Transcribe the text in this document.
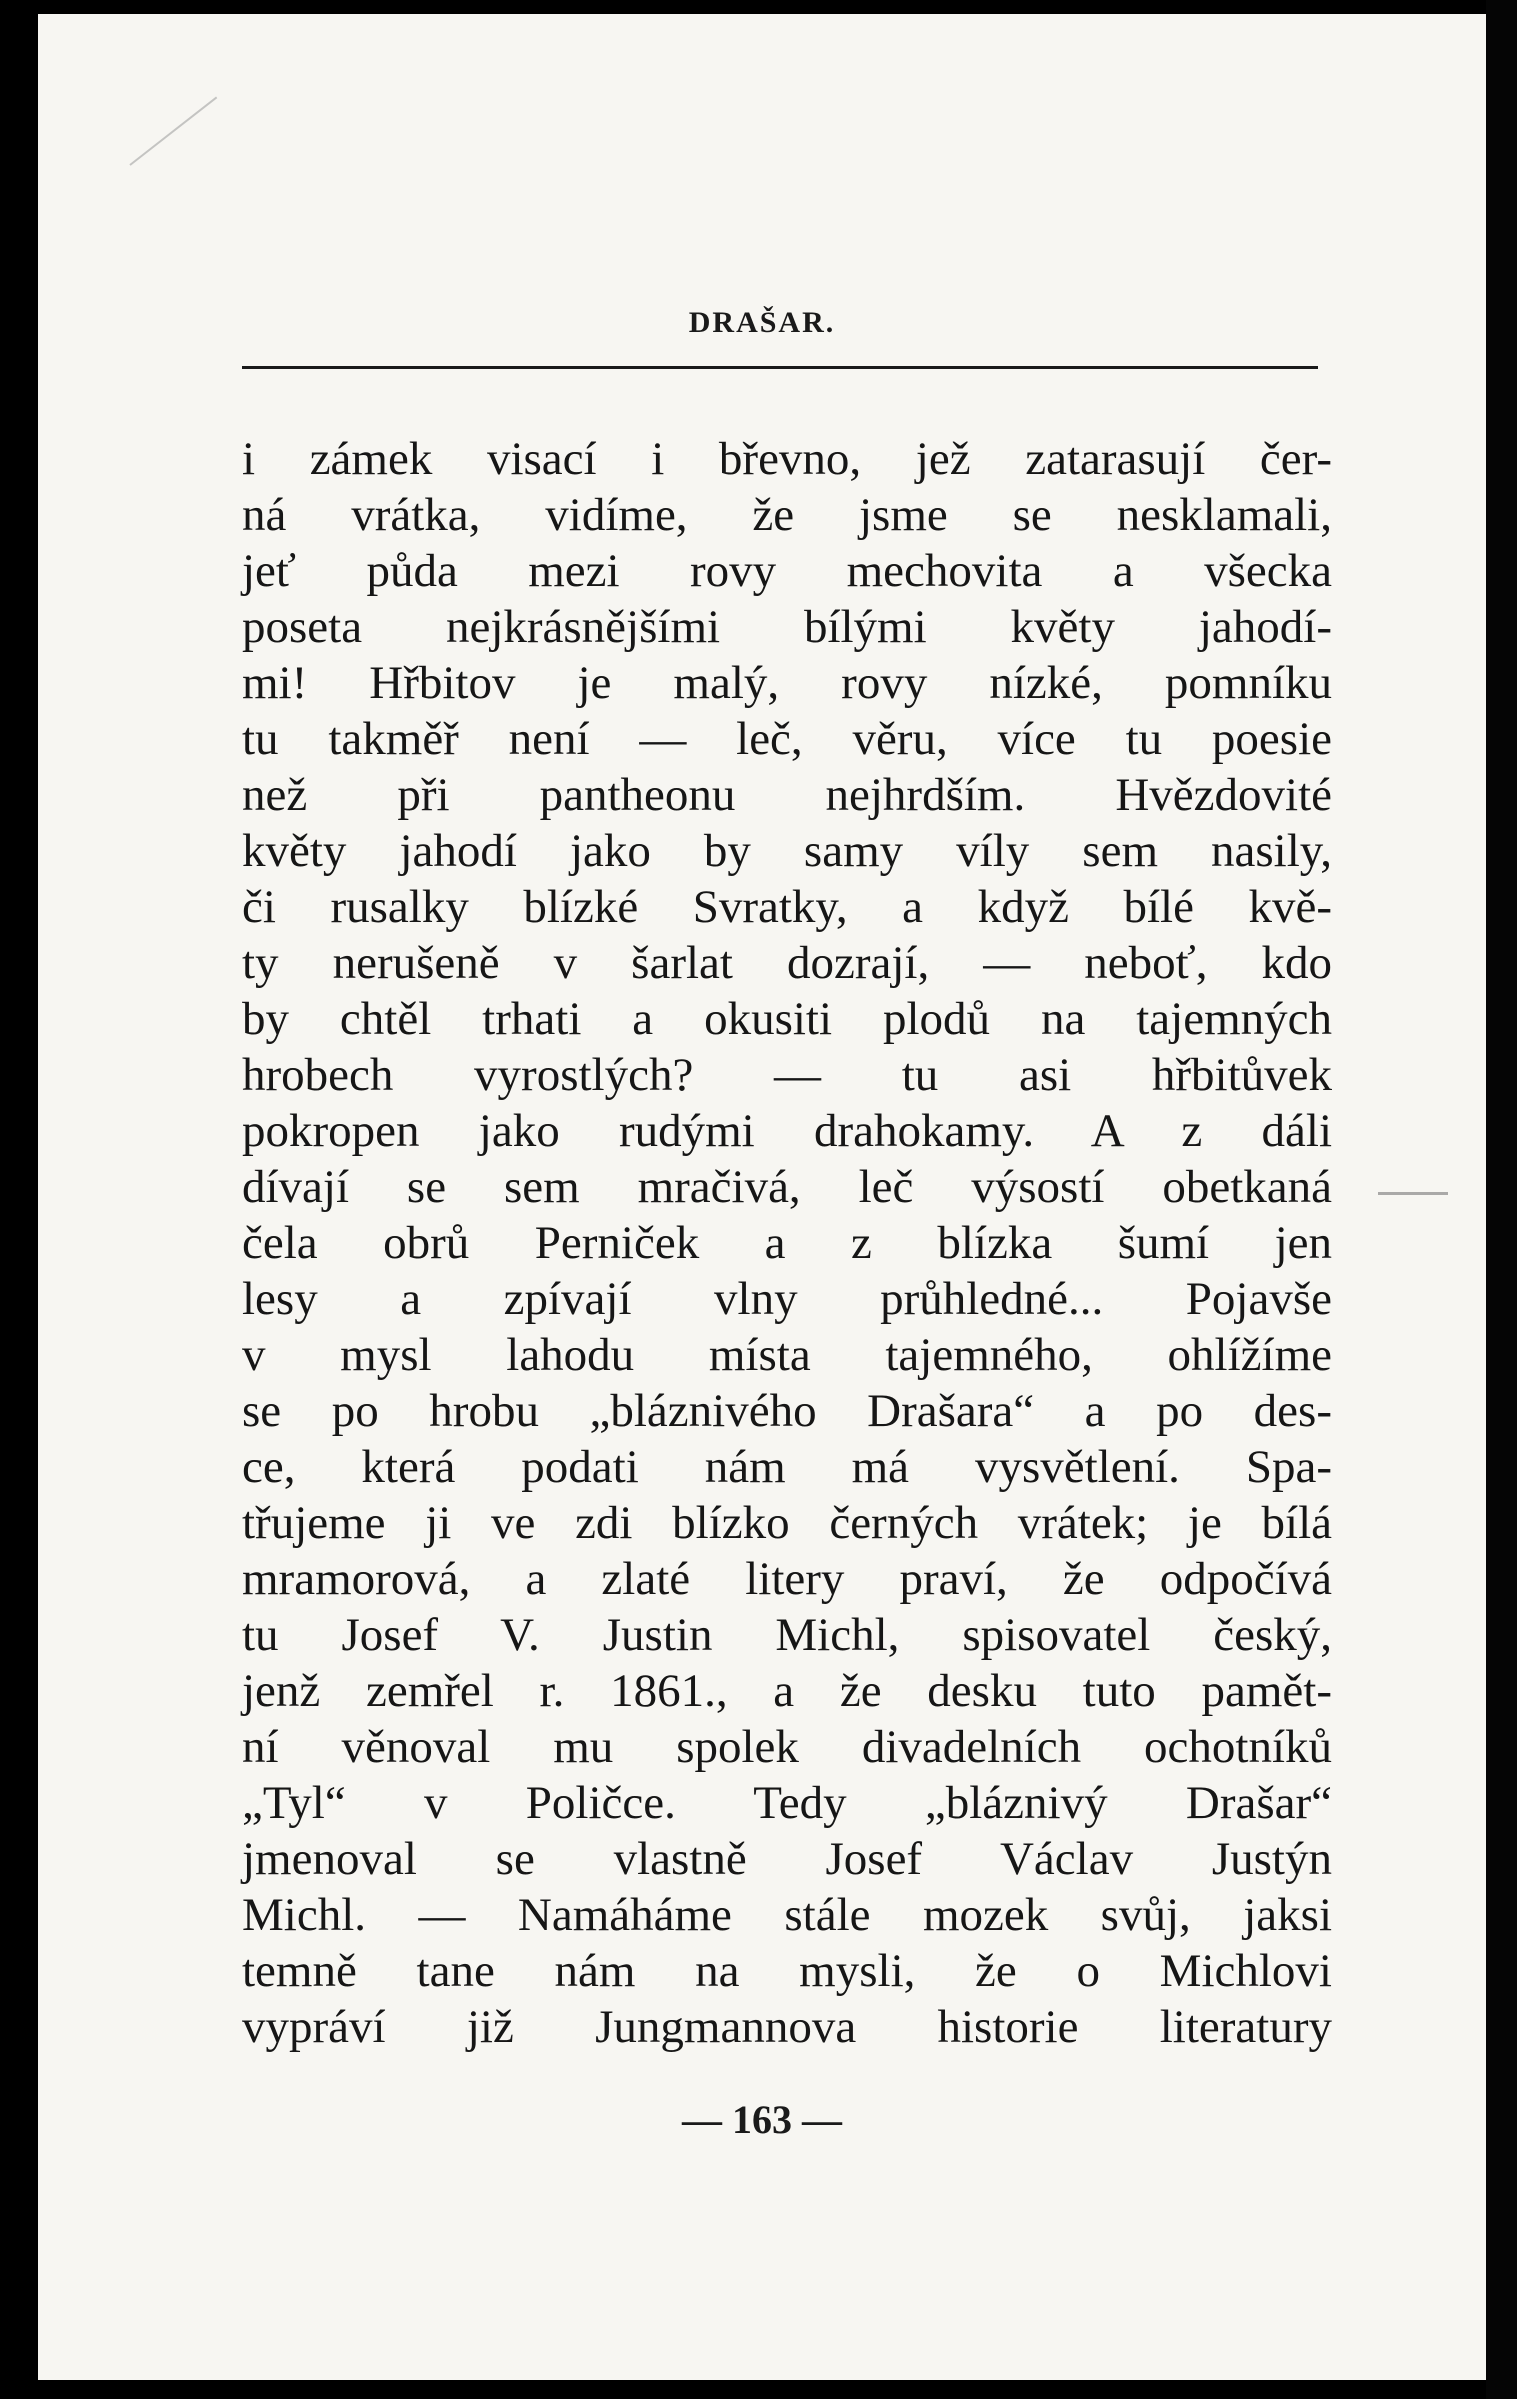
DRAŠAR.
i zámek visací i břevno, jež zatarasují čer-
ná vrátka, vidíme, že jsme se nesklamali,
jeť půda mezi rovy mechovita a všecka
poseta nejkrásnějšími bílými květy jahodí-
mi! Hřbitov je malý, rovy nízké, pomníku
tu takměř není — leč, věru, více tu poesie
než při pantheonu nejhrdším. Hvězdovité
květy jahodí jako by samy víly sem nasily,
či rusalky blízké Svratky, a když bílé kvě-
ty nerušeně v šarlat dozrají, — neboť, kdo
by chtěl trhati a okusiti plodů na tajemných
hrobech vyrostlých? — tu asi hřbitůvek
pokropen jako rudými drahokamy. A z dáli
dívají se sem mračivá, leč výsostí obetkaná
čela obrů Perniček a z blízka šumí jen
lesy a zpívají vlny průhledné... Pojavše
v mysl lahodu místa tajemného, ohlížíme
se po hrobu „bláznivého Drašara“ a po des-
ce, která podati nám má vysvětlení. Spa-
třujeme ji ve zdi blízko černých vrátek; je bílá
mramorová, a zlaté litery praví, že odpočívá
tu Josef V. Justin Michl, spisovatel český,
jenž zemřel r. 1861., a že desku tuto pamět-
ní věnoval mu spolek divadelních ochotníků
„Tyl“ v Poličce. Tedy „bláznivý Drašar“
jmenoval se vlastně Josef Václav Justýn
Michl. — Namáháme stále mozek svůj, jaksi
temně tane nám na mysli, že o Michlovi
vypráví již Jungmannova historie literatury
— 163 —
